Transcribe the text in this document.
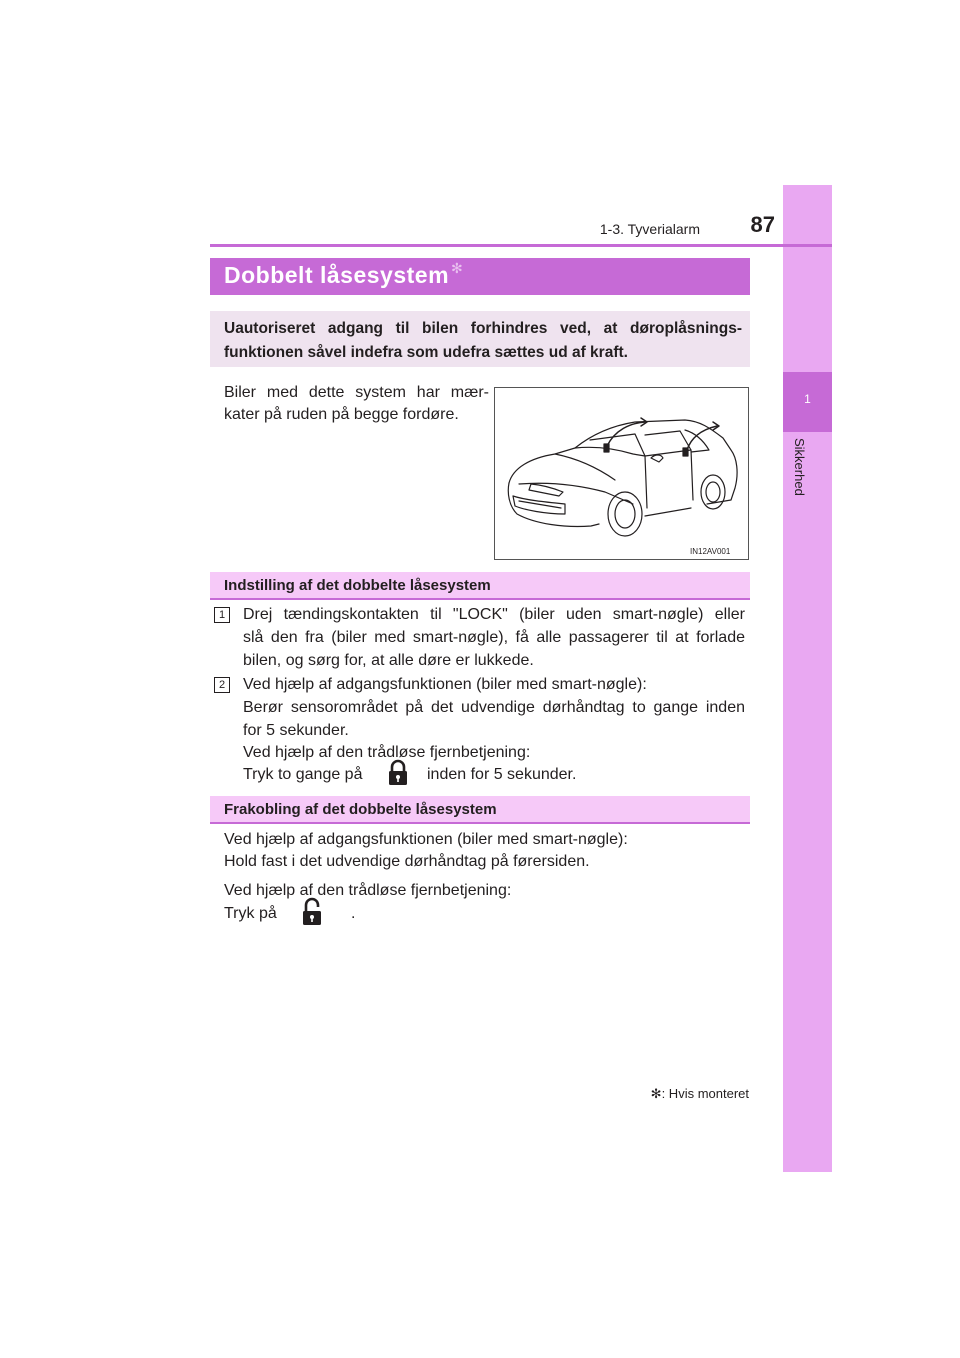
1
Sikkerhed
1-3. Tyverialarm	87
Dobbelt låsesystem ✻
Uautoriseret adgang til bilen forhindres ved, at døroplåsnings-funktionen såvel indefra som udefra sættes ud af kraft.
Biler med dette system har mær-
kater på ruden på begge fordøre.
IN12AV001
Indstilling af det dobbelte låsesystem
1	Drej tændingskontakten til "LOCK" (biler uden smart-nøgle) eller
slå den fra (biler med smart-nøgle), få alle passagerer til at forlade
bilen, og sørg for, at alle døre er lukkede.
2	Ved hjælp af adgangsfunktionen (biler med smart-nøgle):
Berør sensorområdet på det udvendige dørhåndtag to gange inden
for 5 sekunder.
Ved hjælp af den trådløse fjernbetjening:
Tryk to gange på	inden for 5 sekunder.
Frakobling af det dobbelte låsesystem
Ved hjælp af adgangsfunktionen (biler med smart-nøgle):
Hold fast i det udvendige dørhåndtag på førersiden.
Ved hjælp af den trådløse fjernbetjening:
Tryk på	.
✻: Hvis monteret
